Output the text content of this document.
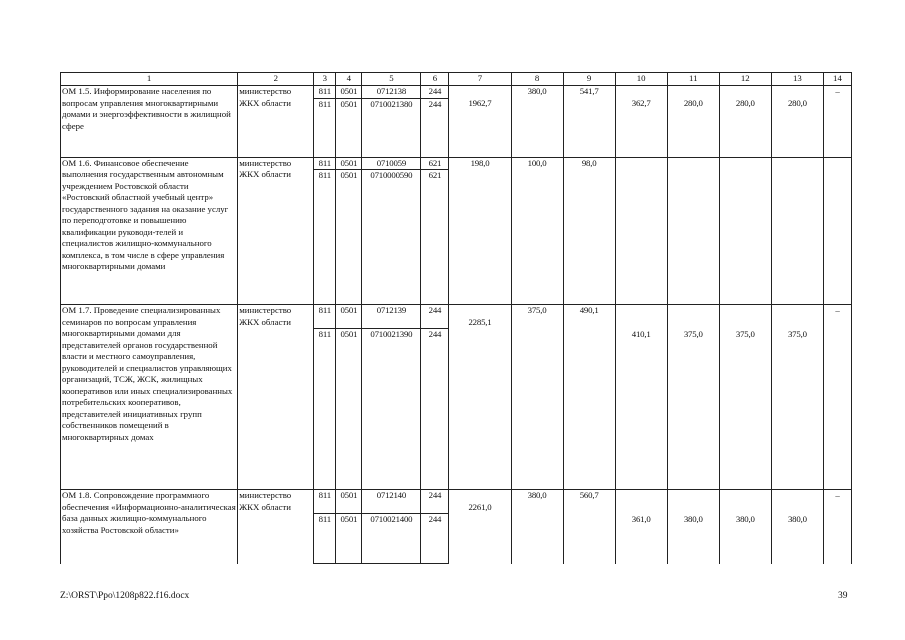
1	2	3	4	5	6	7	8	9	10	11	12	13	14
ОМ 1.5. Информирование населения по вопросам управления многоквартирными домами и энергоэффективности в жилищной сфере	министерство ЖКХ области	811	0501	0712138	244	1962,7	380,0	541,7	362,7	280,0	280,0	280,0	–
		811	0501	0710021380	244								
ОМ 1.6. Финансовое обеспечение выполнения государственным автономным учреждением Ростовской области «Ростовский областной учебный центр» государственного задания на оказание услуг по переподготовке и повышению квалификации руководи-телей и специалистов жилищно-коммунального комплекса, в том числе в сфере управления многоквартирными домами	министерство ЖКХ области	811	0501	0710059	621	198,0	100,0	98,0					
		811	0501	0710000590	621								
ОМ 1.7. Проведение специализированных семинаров по вопросам управления многоквартирными домами для представителей органов государственной власти и местного самоуправления, руководителей и специалистов управляющих организаций, ТСЖ, ЖСК, жилищных кооперативов или иных специализированных потребительских кооперативов, представителей инициативных групп собственников помещений в многоквартирных домах	министерство ЖКХ области	811	0501	0712139	244	2285,1	375,0	490,1	410,1	375,0	375,0	375,0	–
		811	0501	0710021390	244								
ОМ 1.8. Сопровождение программного обеспечения «Информационно-аналитическая база данных жилищно-коммунального хозяйства Ростовской области»	министерство ЖКХ области	811	0501	0712140	244	2261,0	380,0	560,7	361,0	380,0	380,0	380,0	–
		811	0501	0710021400	244								
Z:\ORST\Ppo\1208p822.f16.docx	39
